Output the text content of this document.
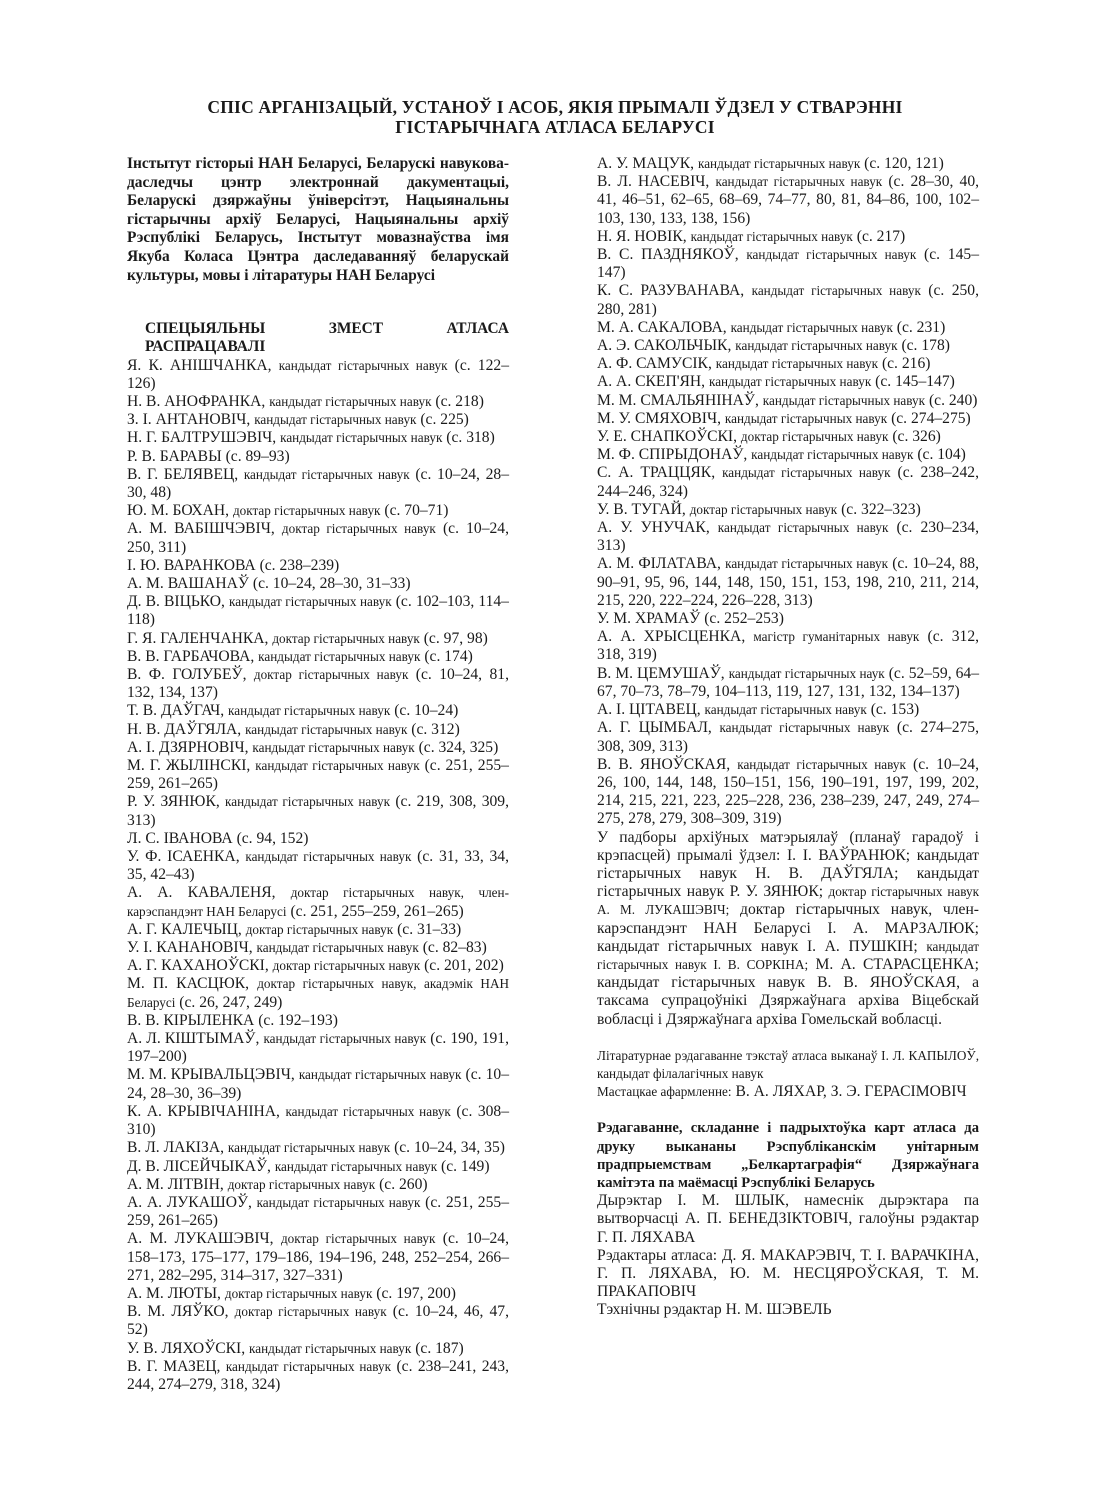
СПІС АРГАНІЗАЦЫЙ, УСТАНОЎ І АСОБ, ЯКІЯ ПРЫМАЛІ ЎДЗЕЛ У СТВАРЭННІ
ГІСТАРЫЧНАГА АТЛАСА БЕЛАРУСІ
Інстытут гісторыі НАН Беларусі, Беларускі навукова-даследчы цэнтр электроннай дакументацыі, Беларускі дзяржаўны ўніверсітэт, Нацыянальны гістарычны архіў Беларусі, Нацыянальны архіў Рэспублікі Беларусь, Інстытут мовазнаўства імя Якуба Коласа Цэнтра даследаванняў беларускай культуры, мовы і літаратуры НАН Беларусі
СПЕЦЫЯЛЬНЫ ЗМЕСТ АТЛАСА РАСПРАЦАВАЛІ

Я. К. АНІШЧАНКА, кандыдат гістарычных навук (с. 122–126)

Н. В. АНОФРАНКА, кандыдат гістарычных навук (с. 218)

З. І. АНТАНОВІЧ, кандыдат гістарычных навук (с. 225)

Н. Г. БАЛТРУШЭВІЧ, кандыдат гістарычных навук (с. 318)

Р. В. БАРАВЫ (с. 89–93)

В. Г. БЕЛЯВЕЦ, кандыдат гістарычных навук (с. 10–24, 28–30, 48)

Ю. М. БОХАН, доктар гістарычных навук (с. 70–71)

А. М. ВАБІШЧЭВІЧ, доктар гістарычных навук (с. 10–24, 250, 311)

І. Ю. ВАРАНКОВА (с. 238–239)

А. М. ВАШАНАЎ (с. 10–24, 28–30, 31–33)

Д. В. ВІЦЬКО, кандыдат гістарычных навук (с. 102–103, 114–118)

Г. Я. ГАЛЕНЧАНКА, доктар гістарычных навук (с. 97, 98)

В. В. ГАРБАЧОВА, кандыдат гістарычных навук (с. 174)

В. Ф. ГОЛУБЕЎ, доктар гістарычных навук (с. 10–24, 81, 132, 134, 137)

Т. В. ДАЎГАЧ, кандыдат гістарычных навук (с. 10–24)

Н. В. ДАЎГЯЛА, кандыдат гістарычных навук (с. 312)

А. І. ДЗЯРНОВІЧ, кандыдат гістарычных навук (с. 324, 325)

М. Г. ЖЫЛІНСКІ, кандыдат гістарычных навук (с. 251, 255–259, 261–265)

Р. У. ЗЯНЮК, кандыдат гістарычных навук (с. 219, 308, 309, 313)

Л. С. ІВАНОВА (с. 94, 152)

У. Ф. ІСАЕНКА, кандыдат гістарычных навук (с. 31, 33, 34, 35, 42–43)

А. А. КАВАЛЕНЯ, доктар гістарычных навук, член-карэспандэнт НАН Беларусі (с. 251, 255–259, 261–265)

А. Г. КАЛЕЧЫЦ, доктар гістарычных навук (с. 31–33)

У. І. КАНАНОВІЧ, кандыдат гістарычных навук (с. 82–83)

А. Г. КАХАНОЎСКІ, доктар гістарычных навук (с. 201, 202)

М. П. КАСЦЮК, доктар гістарычных навук, акадэмік НАН Беларусі (с. 26, 247, 249)

В. В. КІРЫЛЕНКА (с. 192–193)

А. Л. КІШТЫМАЎ, кандыдат гістарычных навук (с. 190, 191, 197–200)

М. М. КРЫВАЛЬЦЭВІЧ, кандыдат гістарычных навук (с. 10–24, 28–30, 36–39)

К. А. КРЫВІЧАНІНА, кандыдат гістарычных навук (с. 308–310)

В. Л. ЛАКІЗА, кандыдат гістарычных навук (с. 10–24, 34, 35)

Д. В. ЛІСЕЙЧЫКАЎ, кандыдат гістарычных навук (с. 149)

А. М. ЛІТВІН, доктар гістарычных навук (с. 260)

А. А. ЛУКАШОЎ, кандыдат гістарычных навук (с. 251, 255–259, 261–265)

А. М. ЛУКАШЭВІЧ, доктар гістарычных навук (с. 10–24, 158–173, 175–177, 179–186, 194–196, 248, 252–254, 266–271, 282–295, 314–317, 327–331)

А. М. ЛЮТЫ, доктар гістарычных навук (с. 197, 200)

В. М. ЛЯЎКО, доктар гістарычных навук (с. 10–24, 46, 47, 52)

У. В. ЛЯХОЎСКІ, кандыдат гістарычных навук (с. 187)

В. Г. МАЗЕЦ, кандыдат гістарычных навук (с. 238–241, 243, 244, 274–279, 318, 324)

А. У. МАЦУК, кандыдат гістарычных навук (с. 120, 121)

В. Л. НАСЕВІЧ, кандыдат гістарычных навук (с. 28–30, 40, 41, 46–51, 62–65, 68–69, 74–77, 80, 81, 84–86, 100, 102–103, 130, 133, 138, 156)

Н. Я. НОВІК, кандыдат гістарычных навук (с. 217)

В. С. ПАЗДНЯКОЎ, кандыдат гістарычных навук (с. 145–147)

К. С. РАЗУВАНАВА, кандыдат гістарычных навук (с. 250, 280, 281)

М. А. САКАЛОВА, кандыдат гістарычных навук (с. 231)

А. Э. САКОЛЬЧЫК, кандыдат гістарычных навук (с. 178)

А. Ф. САМУСІК, кандыдат гістарычных навук (с. 216)

А. А. СКЕП'ЯН, кандыдат гістарычных навук (с. 145–147)

М. М. СМАЛЬЯНІНАЎ, кандыдат гістарычных навук (с. 240)

М. У. СМЯХОВІЧ, кандыдат гістарычных навук (с. 274–275)

У. Е. СНАПКОЎСКІ, доктар гістарычных навук (с. 326)

М. Ф. СПІРЫДОНАЎ, кандыдат гістарычных навук (с. 104)

С. А. ТРАЦЦЯК, кандыдат гістарычных навук (с. 238–242, 244–246, 324)

У. В. ТУГАЙ, доктар гістарычных навук (с. 322–323)

А. У. УНУЧАК, кандыдат гістарычных навук (с. 230–234, 313)

А. М. ФІЛАТАВА, кандыдат гістарычных навук (с. 10–24, 88, 90–91, 95, 96, 144, 148, 150, 151, 153, 198, 210, 211, 214, 215, 220, 222–224, 226–228, 313)

У. М. ХРАМАЎ (с. 252–253)

А. А. ХРЫСЦЕНКА, магістр гуманітарных навук (с. 312, 318, 319)

В. М. ЦЕМУШАЎ, кандыдат гістарычных наук (с. 52–59, 64–67, 70–73, 78–79, 104–113, 119, 127, 131, 132, 134–137)

А. І. ЦІТАВЕЦ, кандыдат гістарычных навук (с. 153)

А. Г. ЦЫМБАЛ, кандыдат гістарычных навук (с. 274–275, 308, 309, 313)

В. В. ЯНОЎСКАЯ, кандыдат гістарычных навук (с. 10–24, 26, 100, 144, 148, 150–151, 156, 190–191, 197, 199, 202, 214, 215, 221, 223, 225–228, 236, 238–239, 247, 249, 274–275, 278, 279, 308–309, 319)

У падборы архіўных матэрыялаў (планаў гарадоў і крэпасцей) прымалі ўдзел: І. І. ВАЎРАНЮК; кандыдат гістарычных навук Н. В. ДАЎГЯЛА; кандыдат гістарычных навук Р. У. ЗЯНЮК; доктар гістарычных навук А. М. ЛУКАШЭВІЧ; доктар гістарычных навук, член-карэспандэнт НАН Беларусі І. А. МАРЗАЛЮК; кандыдат гістарычных навук І. А. ПУШКІН; кандыдат гістарычных навук І. В. СОРКІНА; М. А. СТАРАСЦЕНКА; кандыдат гістарычных навук В. В. ЯНОЎСКАЯ, а таксама супрацоўнікі Дзяржаўнага архіва Віцебскай вобласці і Дзяржаўнага архіва Гомельскай вобласці.

Літаратурнае рэдагаванне тэкстаў атласа выканаў І. Л. КАПЫЛОЎ, кандыдат філалагічных навук

Мастацкае афармленне: В. А. ЛЯХАР, З. Э. ГЕРАСІМОВІЧ

Рэдагаванне, складанне і падрыхтоўка карт атласа да друку выкананы Рэспубліканскім унітарным прадпрыемствам „Белкартаграфія“ Дзяржаўнага камітэта па маёмасці Рэспублікі Беларусь

Дырэктар І. М. ШЛЫК, намеснік дырэктара па вытворчасці А. П. БЕНЕДЗІКТОВІЧ, галоўны рэдактар Г. П. ЛЯХАВА

Рэдактары атласа: Д. Я. МАКАРЭВІЧ, Т. І. ВАРАЧКІНА, Г. П. ЛЯХАВА, Ю. М. НЕСЦЯРОЎСКАЯ, Т. М. ПРАКАПОВІЧ

Тэхнічны рэдактар Н. М. ШЭВЕЛЬ
